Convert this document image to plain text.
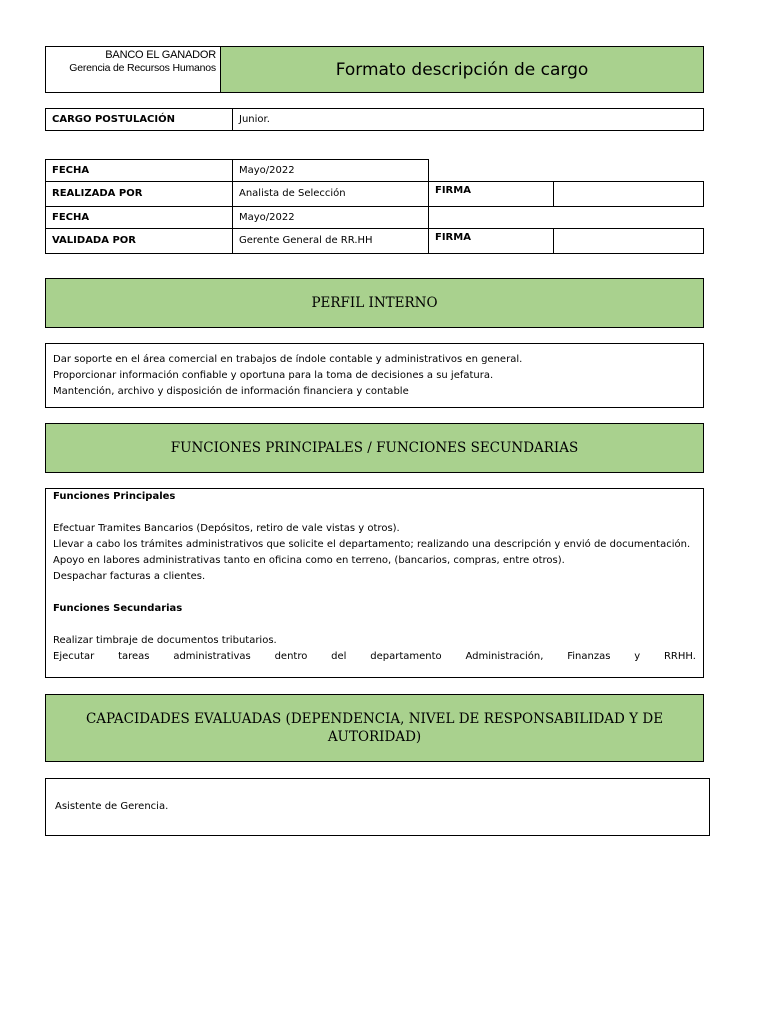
BANCO EL GANADOR
Gerencia de Recursos Humanos	Formato descripción de cargo
CARGO POSTULACIÓN	Junior.
FECHA	Mayo/2022		
REALIZADA POR	Analista de Selección	FIRMA	
FECHA	Mayo/2022		
VALIDADA POR	Gerente General de RR.HH	FIRMA	
PERFIL INTERNO
Dar soporte en el área comercial en trabajos de índole contable y administrativos en general.
Proporcionar información confiable y oportuna para la toma de decisiones a su jefatura.
Mantención, archivo y disposición de información financiera y contable
FUNCIONES PRINCIPALES / FUNCIONES SECUNDARIAS
Funciones Principales
Efectuar Tramites Bancarios (Depósitos, retiro de vale vistas y otros).
Llevar a cabo los trámites administrativos que solicite el departamento; realizando una descripción y envió de documentación.
Apoyo en labores administrativas tanto en oficina como en terreno, (bancarios, compras, entre otros).
Despachar facturas a clientes.
Funciones Secundarias
Realizar timbraje de documentos tributarios.
Ejecutar tareas administrativas dentro del departamento Administración, Finanzas y RRHH.
CAPACIDADES EVALUADAS (DEPENDENCIA, NIVEL DE RESPONSABILIDAD Y DE
AUTORIDAD)
Asistente de Gerencia.
